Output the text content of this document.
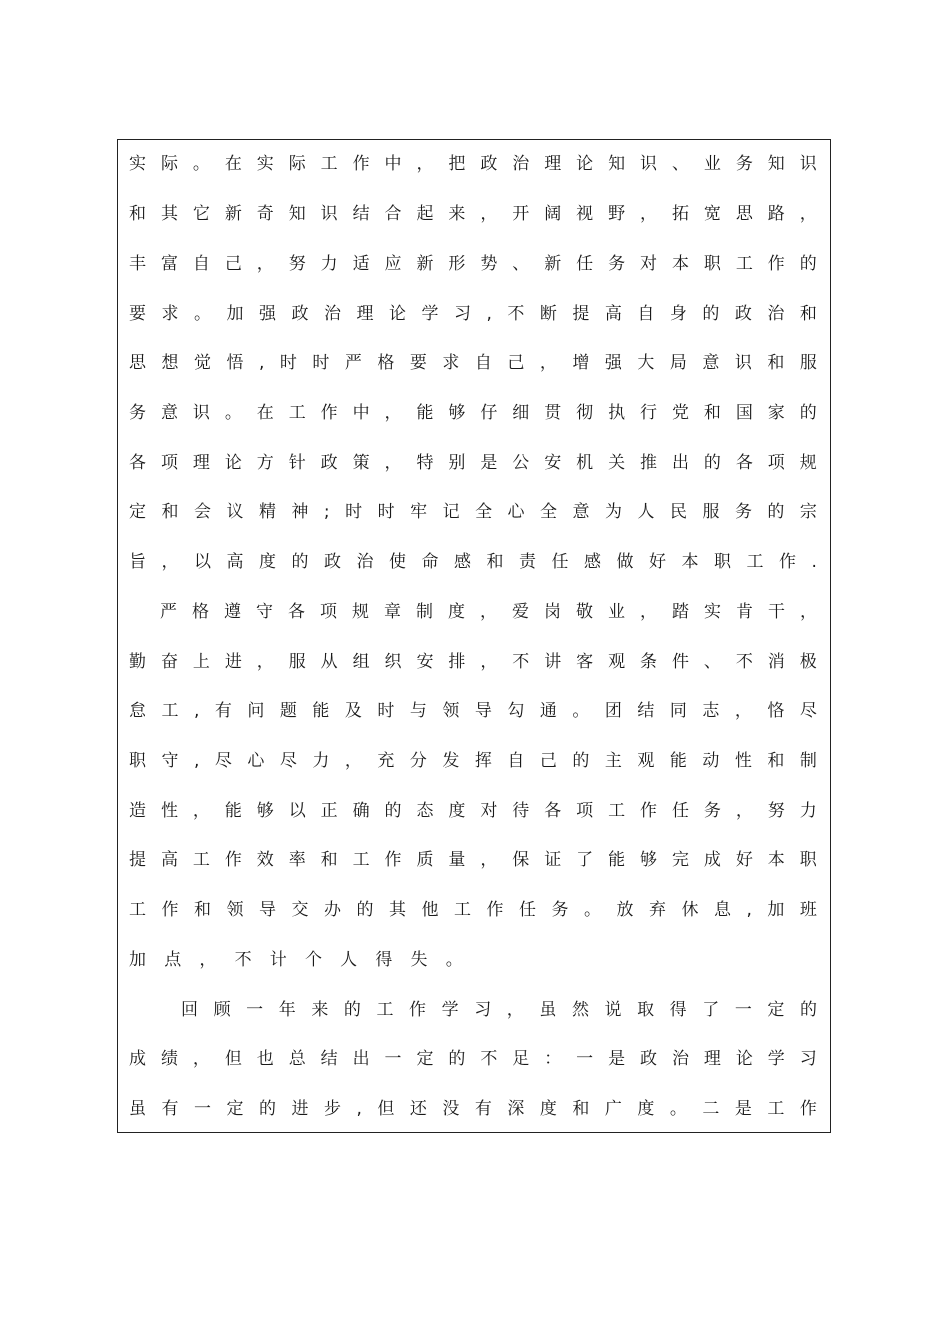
实 际 。 在 实 际 工 作 中 ， 把 政 治 理 论 知 识 、 业 务 知 识
和 其 它 新 奇 知 识 结 合 起 来 ， 开 阔 视 野 ， 拓 宽 思 路 ，
丰 富 自 己 ， 努 力 适 应 新 形 势 、 新 任 务 对 本 职 工 作 的
要 求 。 加 强 政 治 理 论 学 习 , 不 断 提 高 自 身 的 政 治 和
思 想 觉 悟 , 时 时 严 格 要 求 自 己 ， 增 强 大 局 意 识 和 服
务 意 识 。 在 工 作 中 ， 能 够 仔 细 贯 彻 执 行 党 和 国 家 的
各 项 理 论 方 针 政 策 ， 特 别 是 公 安 机 关 推 出 的 各 项 规
定 和 会 议 精 神 ; 时 时 牢 记 全 心 全 意 为 人 民 服 务 的 宗
旨 ， 以 高 度 的 政 治 使 命 感 和 责 任 感 做 好 本 职 工 作 .
严 格 遵 守 各 项 规 章 制 度 ， 爱 岗 敬 业 ， 踏 实 肯 干 ，
勤 奋 上 进 ， 服 从 组 织 安 排 ， 不 讲 客 观 条 件 、 不 消 极
怠 工 , 有 问 题 能 及 时 与 领 导 勾 通 。 团 结 同 志 ， 恪 尽
职 守 , 尽 心 尽 力 ， 充 分 发 挥 自 己 的 主 观 能 动 性 和 制
造 性 ， 能 够 以 正 确 的 态 度 对 待 各 项 工 作 任 务 ， 努 力
提 高 工 作 效 率 和 工 作 质 量 ， 保 证 了 能 够 完 成 好 本 职
工 作 和 领 导 交 办 的 其 他 工 作 任 务 。 放 弃 休 息 , 加 班
加 点 ， 不 计 个 人 得 失 。
回 顾 一 年 来 的 工 作 学 习 ， 虽 然 说 取 得 了 一 定 的
成 绩 ， 但 也 总 结 出 一 定 的 不 足 ： 一 是 政 治 理 论 学 习
虽 有 一 定 的 进 步 , 但 还 没 有 深 度 和 广 度 。 二 是 工 作
